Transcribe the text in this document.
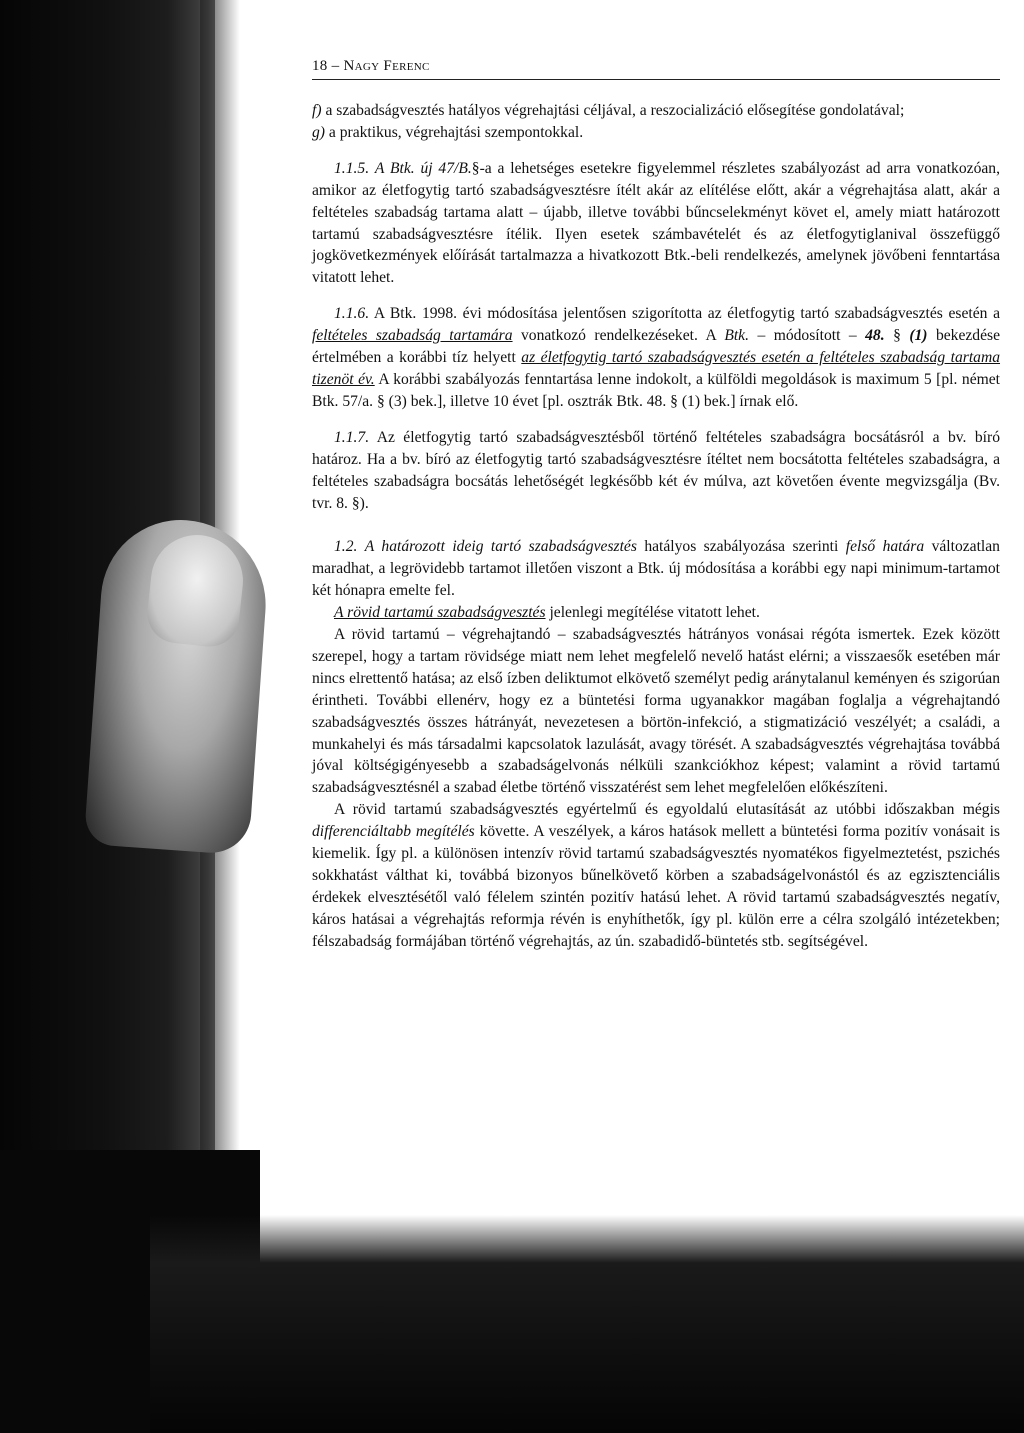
18 – Nagy Ferenc

f) a szabadságvesztés hatályos végrehajtási céljával, a reszocializáció elősegítése gondolatával;

g) a praktikus, végrehajtási szempontokkal.

1.1.5. A Btk. új 47/B.§-a a lehetséges esetekre figyelemmel részletes szabályozást ad arra vonatkozóan, amikor az életfogytig tartó szabadságvesztésre ítélt akár az elítélése előtt, akár a végrehajtása alatt, akár a feltételes szabadság tartama alatt – újabb, illetve további bűncselekményt követ el, amely miatt határozott tartamú szabadságvesztésre ítélik. Ilyen esetek számbavételét és az életfogytiglanival összefüggő jogkövetkezmények előírását tartalmazza a hivatkozott Btk.-beli rendelkezés, amelynek jövőbeni fenntartása vitatott lehet.

1.1.6. A Btk. 1998. évi módosítása jelentősen szigorította az életfogytig tartó szabadságvesztés esetén a feltételes szabadság tartamára vonatkozó rendelkezéseket. A Btk. – módosított – 48. § (1) bekezdése értelmében a korábbi tíz helyett az életfogytig tartó szabadságvesztés esetén a feltételes szabadság tartama tizenöt év. A korábbi szabályozás fenntartása lenne indokolt, a külföldi megoldások is maximum 5 [pl. német Btk. 57/a. § (3) bek.], illetve 10 évet [pl. osztrák Btk. 48. § (1) bek.] írnak elő.

1.1.7. Az életfogytig tartó szabadságvesztésből történő feltételes szabadságra bocsátásról a bv. bíró határoz. Ha a bv. bíró az életfogytig tartó szabadságvesztésre ítéltet nem bocsátotta feltételes szabadságra, a feltételes szabadságra bocsátás lehetőségét legkésőbb két év múlva, azt követően évente megvizsgálja (Bv. tvr. 8. §).

1.2. A határozott ideig tartó szabadságvesztés hatályos szabályozása szerinti felső határa változatlan maradhat, a legrövidebb tartamot illetően viszont a Btk. új módosítása a korábbi egy napi minimum-tartamot két hónapra emelte fel.

A rövid tartamú szabadságvesztés jelenlegi megítélése vitatott lehet.

A rövid tartamú – végrehajtandó – szabadságvesztés hátrányos vonásai régóta ismertek. Ezek között szerepel, hogy a tartam rövidsége miatt nem lehet megfelelő nevelő hatást elérni; a visszaesők esetében már nincs elrettentő hatása; az első ízben deliktumot elkövető személyt pedig aránytalanul keményen és szigorúan érintheti. További ellenérv, hogy ez a büntetési forma ugyanakkor magában foglalja a végrehajtandó szabadságvesztés összes hátrányát, nevezetesen a börtön-infekció, a stigmatizáció veszélyét; a családi, a munkahelyi és más társadalmi kapcsolatok lazulását, avagy törését. A szabadságvesztés végrehajtása továbbá jóval költségigényesebb a szabadságelvonás nélküli szankciókhoz képest; valamint a rövid tartamú szabadságvesztésnél a szabad életbe történő visszatérést sem lehet megfelelően előkészíteni.

A rövid tartamú szabadságvesztés egyértelmű és egyoldalú elutasítását az utóbbi időszakban mégis differenciáltabb megítélés követte. A veszélyek, a káros hatások mellett a büntetési forma pozitív vonásait is kiemelik. Így pl. a különösen intenzív rövid tartamú szabadságvesztés nyomatékos figyelmeztetést, pszichés sokkhatást válthat ki, továbbá bizonyos bűnelkövető körben a szabadságelvonástól és az egzisztenciális érdekek elvesztésétől való félelem szintén pozitív hatású lehet. A rövid tartamú szabadságvesztés negatív, káros hatásai a végrehajtás reformja révén is enyhíthetők, így pl. külön erre a célra szolgáló intézetekben; félszabadság formájában történő végrehajtás, az ún. szabadidő-büntetés stb. segítségével.
